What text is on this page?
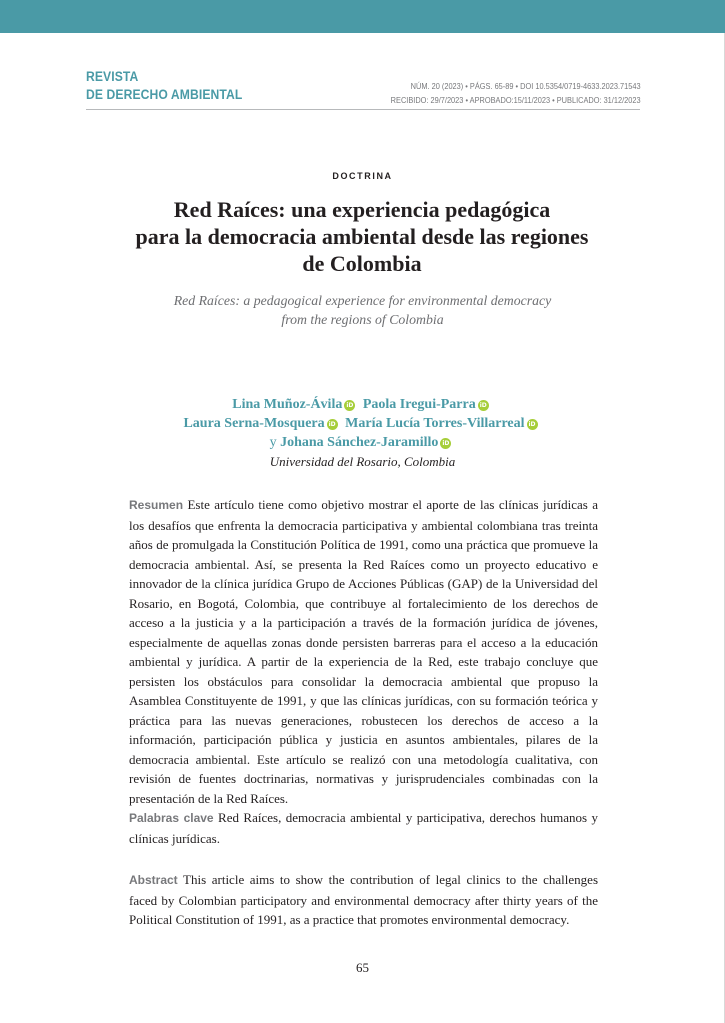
REVISTA
DE DERECHO AMBIENTAL
NÚM. 20 (2023) • PÁGS. 65-89 • DOI 10.5354/0719-4633.2023.71543
RECIBIDO: 29/7/2023 • APROBADO:15/11/2023 • PUBLICADO: 31/12/2023
DOCTRINA
Red Raíces: una experiencia pedagógica
para la democracia ambiental desde las regiones
de Colombia
Red Raíces: a pedagogical experience for environmental democracy
from the regions of Colombia
Lina Muñoz-Ávila iD Paola Iregui-Parra iD
Laura Serna-Mosquera iD María Lucía Torres-Villarreal iD
y Johana Sánchez-Jaramillo iD
Universidad del Rosario, Colombia
Resumen Este artículo tiene como objetivo mostrar el aporte de las clínicas jurídicas a los desafíos que enfrenta la democracia participativa y ambiental colombiana tras treinta años de promulgada la Constitución Política de 1991, como una práctica que promueve la democracia ambiental. Así, se presenta la Red Raíces como un proyecto educativo e innovador de la clínica jurídica Grupo de Acciones Públicas (GAP) de la Universidad del Rosario, en Bogotá, Colombia, que contribuye al fortalecimiento de los derechos de acceso a la justicia y a la participación a través de la formación jurídica de jóvenes, especialmente de aquellas zonas donde persisten barreras para el acceso a la educación ambiental y jurídica. A partir de la experiencia de la Red, este trabajo concluye que persisten los obstáculos para consolidar la democracia ambiental que propuso la Asamblea Constituyente de 1991, y que las clínicas jurídicas, con su formación teórica y práctica para las nuevas generaciones, robustecen los derechos de acceso a la información, participación pública y justicia en asuntos ambientales, pilares de la democracia ambiental. Este artículo se realizó con una metodología cualitativa, con revisión de fuentes doctrinarias, normativas y jurisprudenciales combinadas con la presentación de la Red Raíces.
Palabras clave Red Raíces, democracia ambiental y participativa, derechos humanos y clínicas jurídicas.
Abstract This article aims to show the contribution of legal clinics to the challenges faced by Colombian participatory and environmental democracy after thirty years of the Political Constitution of 1991, as a practice that promotes environmental democracy.
65
